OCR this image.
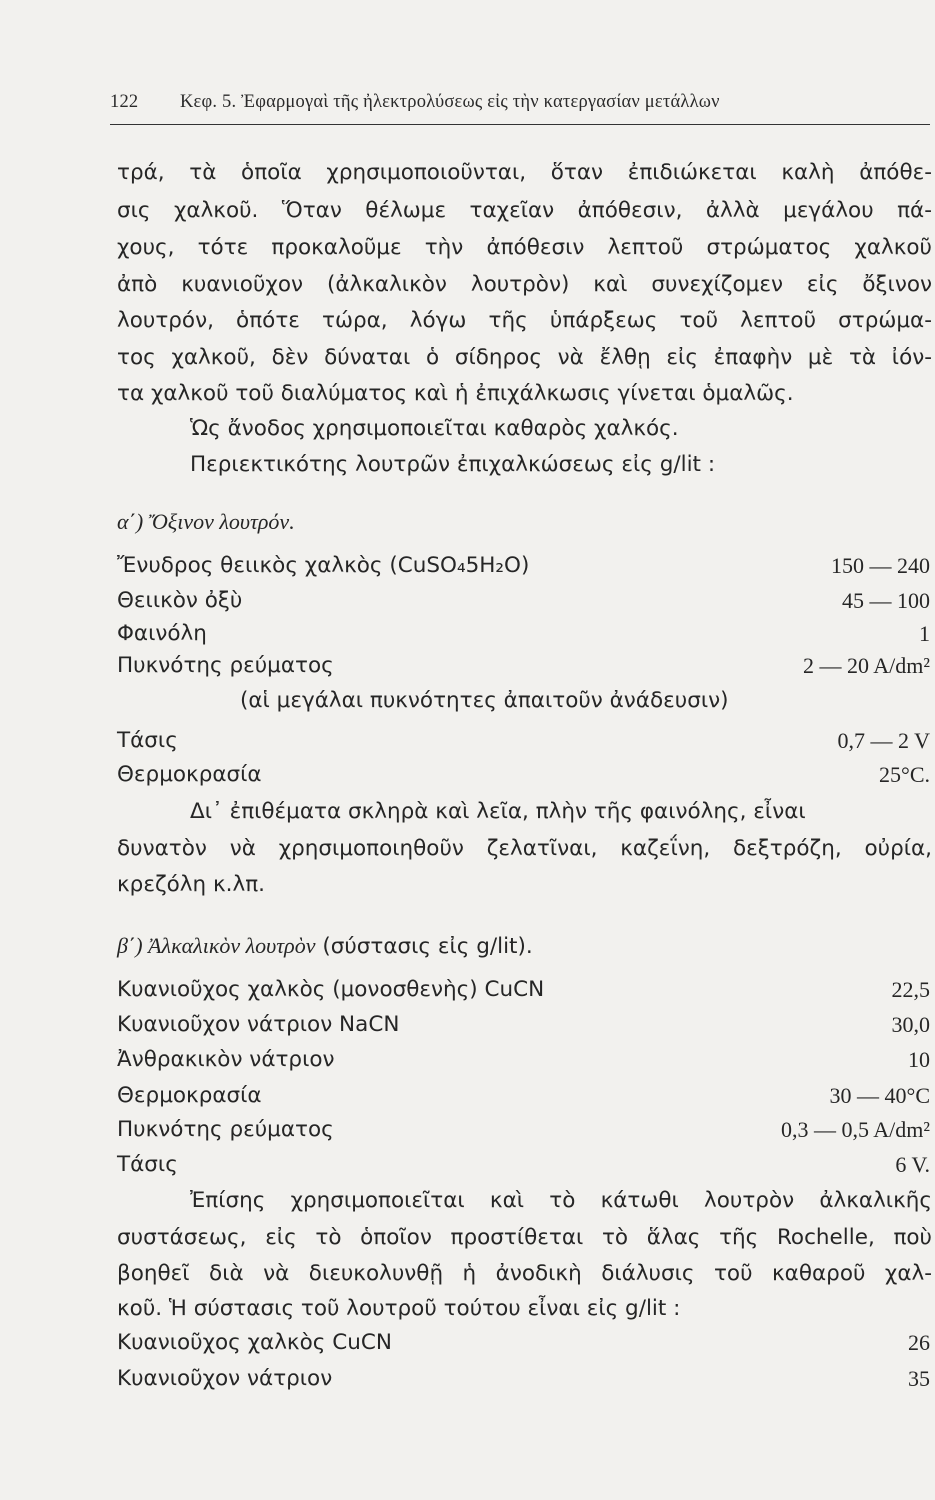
122 Κεφ. 5. Ἐφαρμογαὶ τῆς ἠλεκτρολύσεως εἰς τὴν κατεργασίαν μετάλλων
τρά, τὰ ὁποῖα χρησιμοποιοῦνται, ὅταν ἐπιδιώκεται καλὴ ἀπόθε-
σις χαλκοῦ. Ὅταν θέλωμε ταχεῖαν ἀπόθεσιν, ἀλλὰ μεγάλου πά-
χους, τότε προκαλοῦμε τὴν ἀπόθεσιν λεπτοῦ στρώματος χαλκοῦ
ἀπὸ κυανιοῦχον (ἀλκαλικὸν λουτρὸν) καὶ συνεχίζομεν εἰς ὄξινον
λουτρόν, ὁπότε τώρα, λόγω τῆς ὑπάρξεως τοῦ λεπτοῦ στρώμα-
τος χαλκοῦ, δὲν δύναται ὁ σίδηρος νὰ ἔλθῃ εἰς ἐπαφὴν μὲ τὰ ἰόν-
τα χαλκοῦ τοῦ διαλύματος καὶ ἡ ἐπιχάλκωσις γίνεται ὁμαλῶς.
Ὡς ἄνοδος χρησιμοποιεῖται καθαρὸς χαλκός.
Περιεκτικότης λουτρῶν ἐπιχαλκώσεως εἰς g/lit :
α΄) Ὄξινον λουτρόν.
Ἔνυδρος θειικὸς χαλκὸς (CuSO₄5H₂O)	150 — 240
Θειικὸν ὀξὺ	45 — 100
Φαινόλη	1
Πυκνότης ρεύματος	2 — 20 A/dm²
(αἱ μεγάλαι πυκνότητες ἀπαιτοῦν ἀνάδευσιν)
Τάσις	0,7 — 2 V
Θερμοκρασία	25°C.
Δι᾿ ἐπιθέματα σκληρὰ καὶ λεῖα, πλὴν τῆς φαινόλης, εἶναι
δυνατὸν νὰ χρησιμοποιηθοῦν ζελατῖναι, καζεΐνη, δεξτρόζη, οὐρία,
κρεζόλη κ.λπ.
β΄) Ἀλκαλικὸν λουτρὸν (σύστασις εἰς g/lit).
Κυανιοῦχος χαλκὸς (μονοσθενὴς) CuCN	22,5
Κυανιοῦχον νάτριον NaCN	30,0
Ἀνθρακικὸν νάτριον	10
Θερμοκρασία	30 — 40°C
Πυκνότης ρεύματος	0,3 — 0,5 A/dm²
Τάσις	6 V.
Ἐπίσης χρησιμοποιεῖται καὶ τὸ κάτωθι λουτρὸν ἀλκαλικῆς
συστάσεως, εἰς τὸ ὁποῖον προστίθεται τὸ ἅλας τῆς Rochelle, ποὺ
βοηθεῖ διὰ νὰ διευκολυνθῇ ἡ ἀνοδικὴ διάλυσις τοῦ καθαροῦ χαλ-
κοῦ. Ἡ σύστασις τοῦ λουτροῦ τούτου εἶναι εἰς g/lit :
Κυανιοῦχος χαλκὸς CuCN	26
Κυανιοῦχον νάτριον	35
